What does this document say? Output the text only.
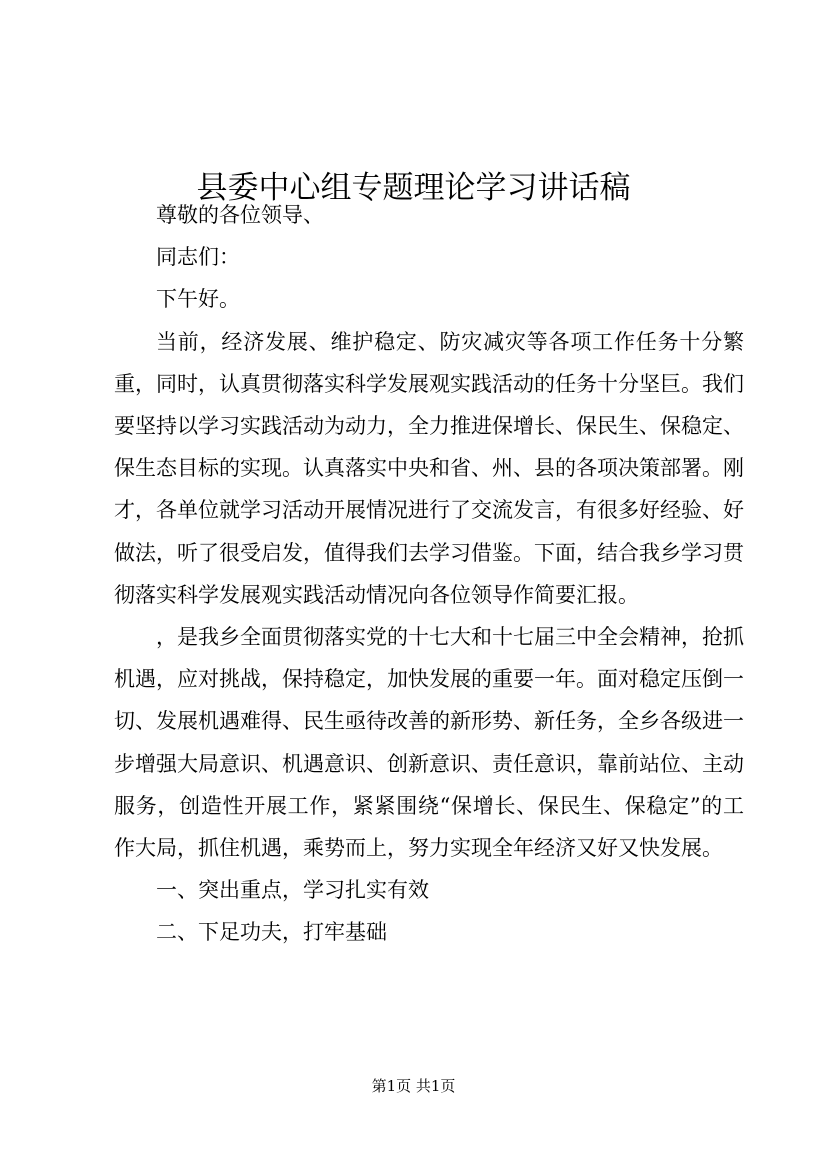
县委中心组专题理论学习讲话稿

尊敬的各位领导、

同志们：

下午好。

当前，经济发展、维护稳定、防灾减灾等各项工作任务十分繁重，同时，认真贯彻落实科学发展观实践活动的任务十分坚巨。我们要坚持以学习实践活动为动力，全力推进保增长、保民生、保稳定、保生态目标的实现。认真落实中央和省、州、县的各项决策部署。刚才，各单位就学习活动开展情况进行了交流发言，有很多好经验、好做法，听了很受启发，值得我们去学习借鉴。下面，结合我乡学习贯彻落实科学发展观实践活动情况向各位领导作简要汇报。

，是我乡全面贯彻落实党的十七大和十七届三中全会精神，抢抓机遇，应对挑战，保持稳定，加快发展的重要一年。面对稳定压倒一切、发展机遇难得、民生亟待改善的新形势、新任务，全乡各级进一步增强大局意识、机遇意识、创新意识、责任意识，靠前站位、主动服务，创造性开展工作，紧紧围绕“保增长、保民生、保稳定”的工作大局，抓住机遇，乘势而上，努力实现全年经济又好又快发展。

一、突出重点，学习扎实有效

二、下足功夫，打牢基础

第1页 共1页
